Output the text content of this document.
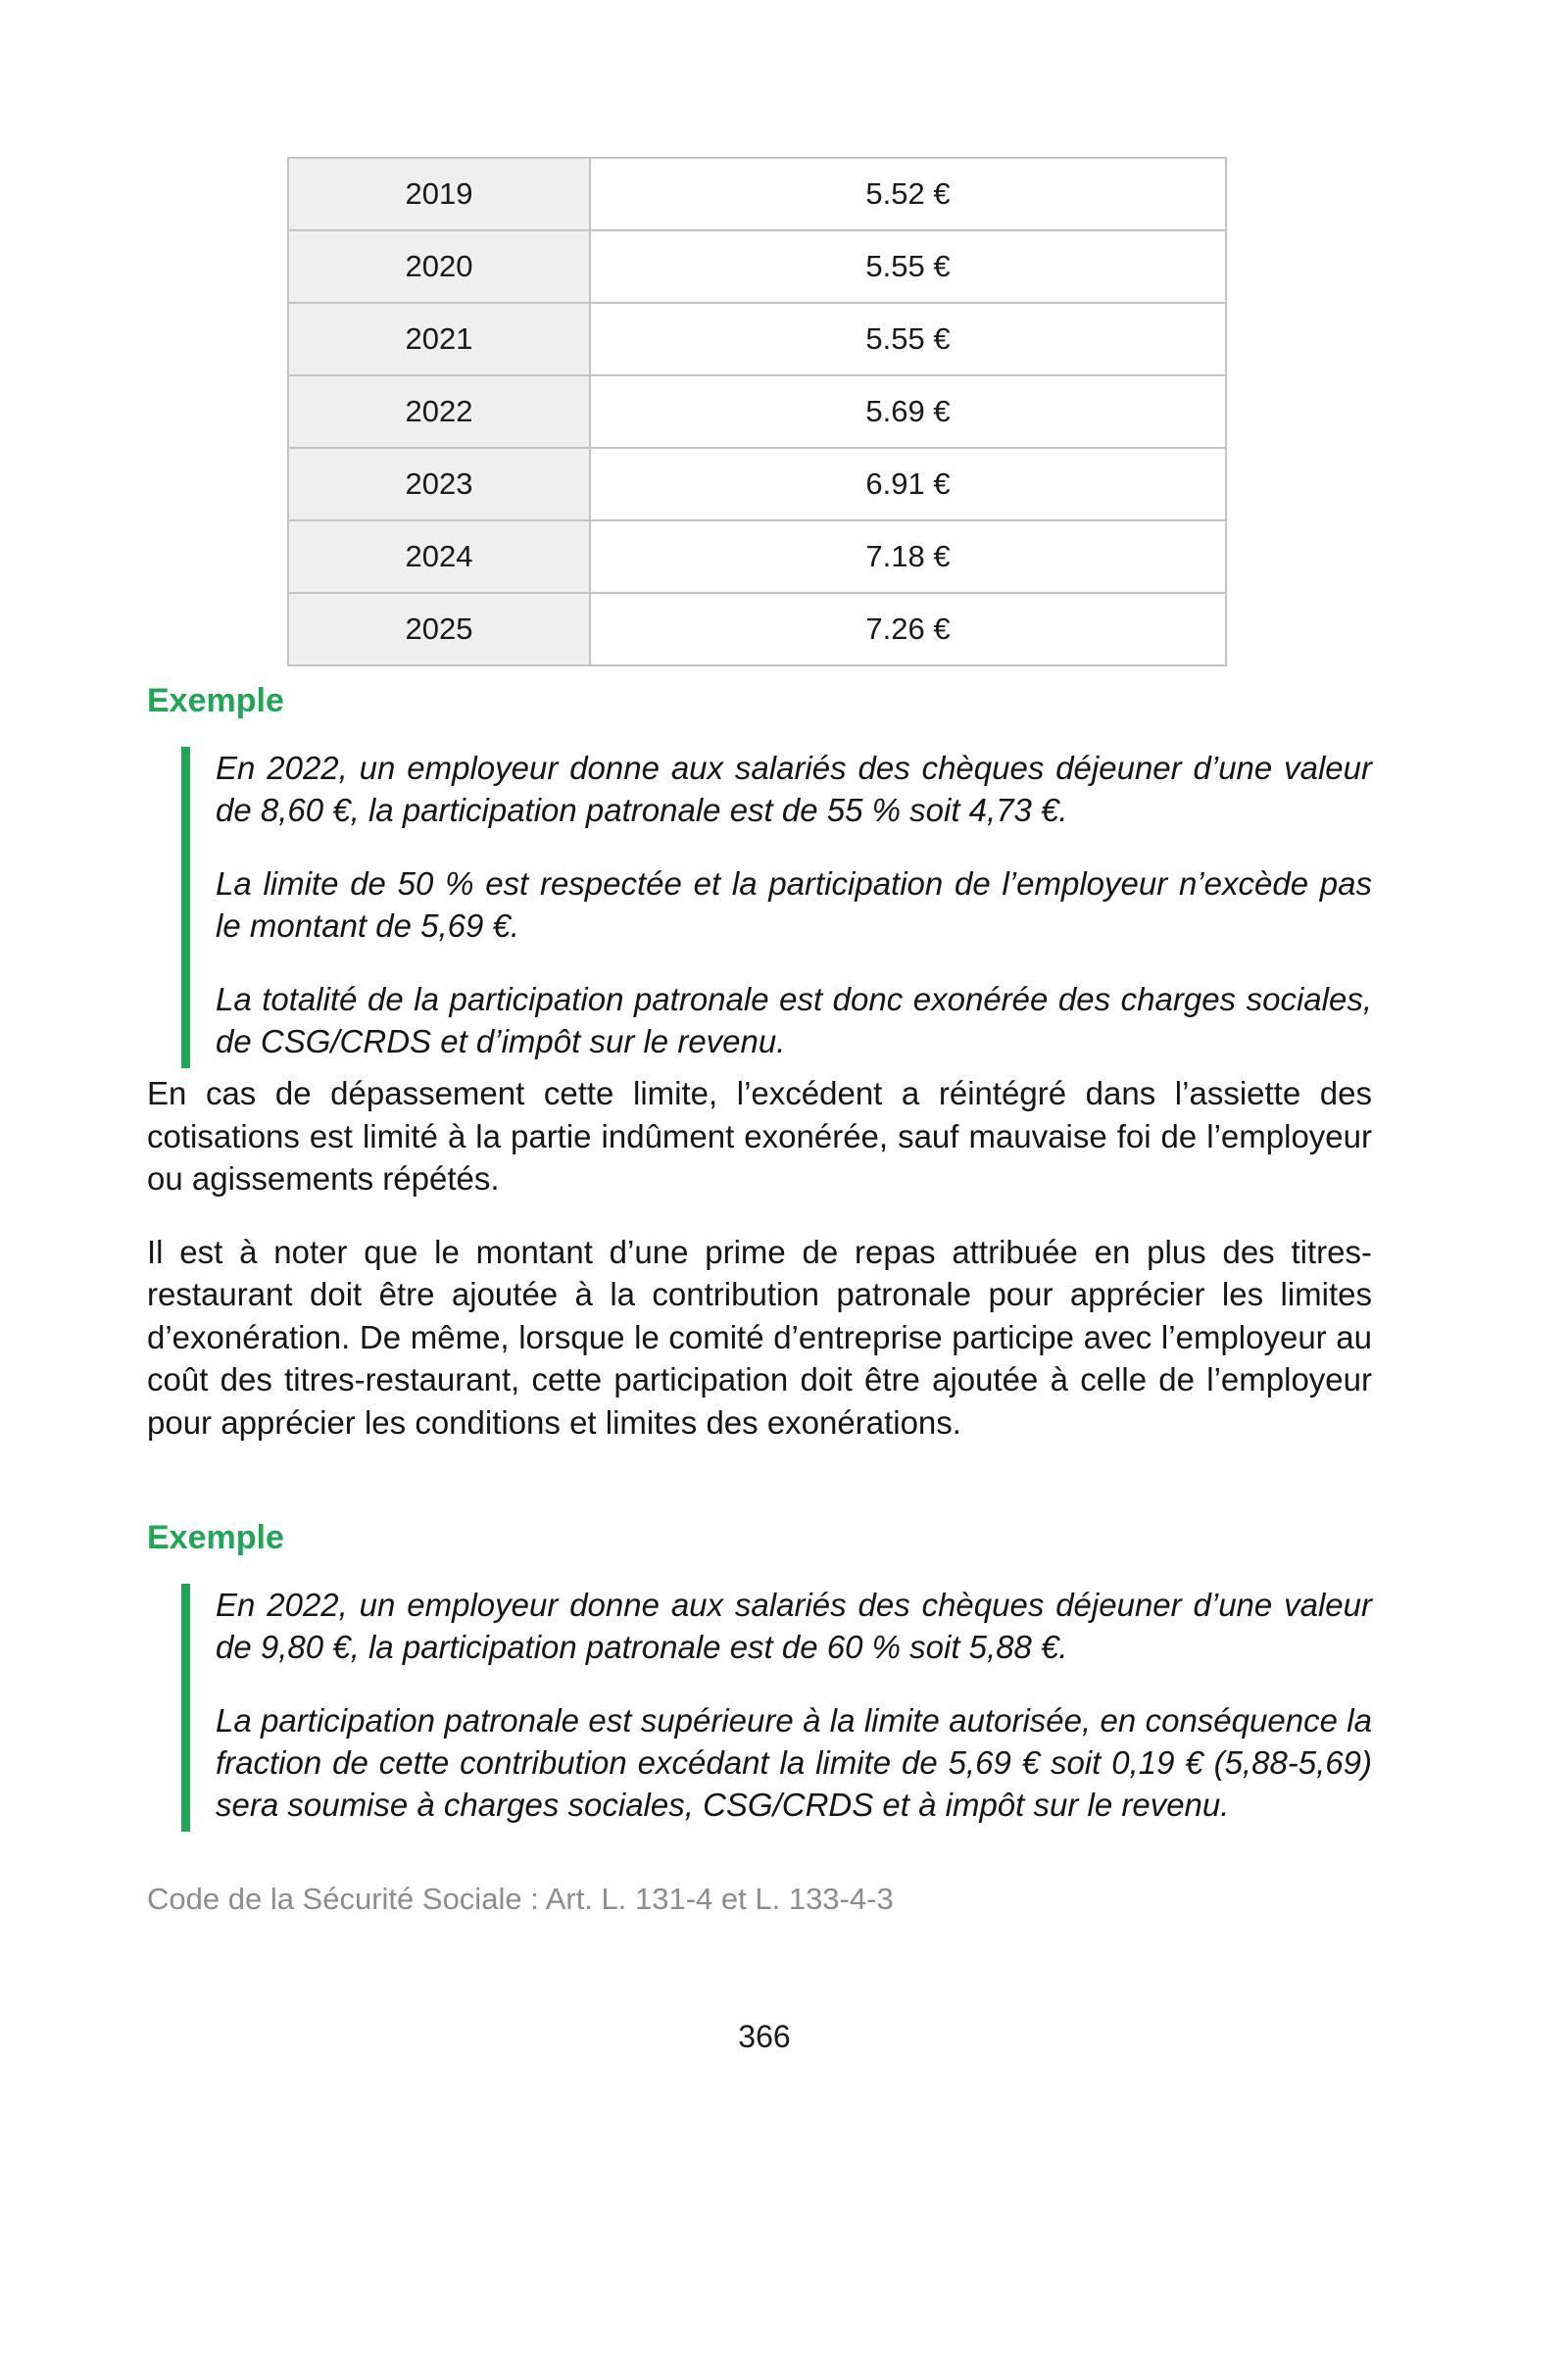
2019	5.52 €
2020	5.55 €
2021	5.55 €
2022	5.69 €
2023	6.91 €
2024	7.18 €
2025	7.26 €
Exemple

En 2022, un employeur donne aux salariés des chèques déjeuner d’une valeur de 8,60 €, la participation patronale est de 55 % soit 4,73 €.

La limite de 50 % est respectée et la participation de l’employeur n’excède pas le montant de 5,69 €.

La totalité de la participation patronale est donc exonérée des charges sociales, de CSG/CRDS et d’impôt sur le revenu.

En cas de dépassement cette limite, l’excédent a réintégré dans l’assiette des cotisations est limité à la partie indûment exonérée, sauf mauvaise foi de l’employeur ou agissements répétés.

Il est à noter que le montant d’une prime de repas attribuée en plus des titres-restaurant doit être ajoutée à la contribution patronale pour apprécier les limites d’exonération. De même, lorsque le comité d’entreprise participe avec l’employeur au coût des titres-restaurant, cette participation doit être ajoutée à celle de l’employeur pour apprécier les conditions et limites des exonérations.

Exemple

En 2022, un employeur donne aux salariés des chèques déjeuner d’une valeur de 9,80 €, la participation patronale est de 60 % soit 5,88 €.

La participation patronale est supérieure à la limite autorisée, en conséquence la fraction de cette contribution excédant la limite de 5,69 € soit 0,19 € (5,88-5,69) sera soumise à charges sociales, CSG/CRDS et à impôt sur le revenu.

Code de la Sécurité Sociale : Art. L. 131-4 et L. 133-4-3

366
